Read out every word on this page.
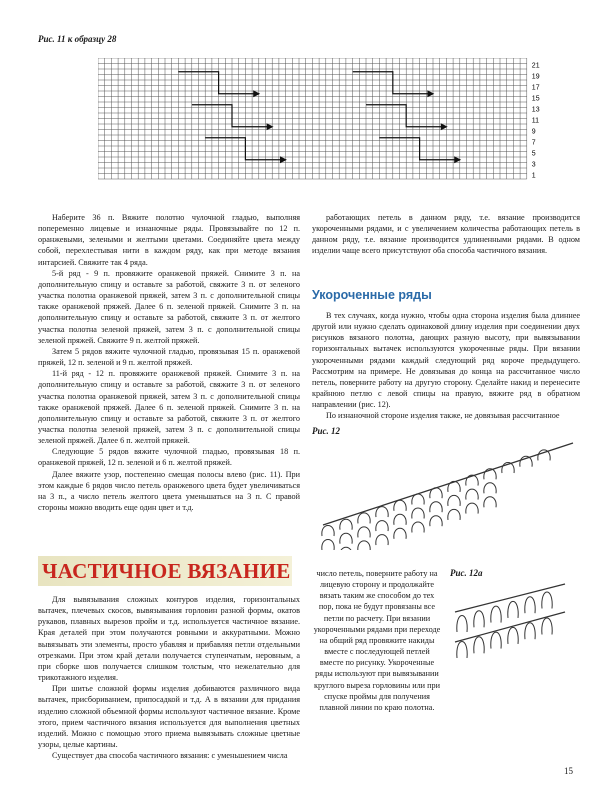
Рис. 11 к образцу 28
21
19
17
15
13
11
9
7
5
3
1

Наберите 36 п. Вяжите полотно чулочной гладью, выполняя попеременно лицевые и изнаночные ряды. Провязывайте по 12 п. оранжевыми, зелеными и желтыми цветами. Соединяйте цвета между собой, перехлестывая нити в каждом ряду, как при методе вязания интарсией. Свяжите так 4 ряда.

5-й ряд - 9 п. провяжите оранжевой пряжей. Снимите 3 п. на дополнительную спицу и оставьте за работой, свяжите 3 п. от зеленого участка полотна оранжевой пряжей, затем 3 п. с дополнительной спицы также оранжевой пряжей. Далее 6 п. зеленой пряжей. Снимите 3 п. на дополнительную спицу и оставьте за работой, свяжите 3 п. от желтого участка полотна зеленой пряжей, затем 3 п. с дополнительной спицы зеленой пряжей. Свяжите 9 п. желтой пряжей.

Затем 5 рядов вяжите чулочной гладью, провязывая 15 п. оранжевой пряжей, 12 п. зеленой и 9 п. желтой пряжей.

11-й ряд - 12 п. провяжите оранжевой пряжей. Снимите 3 п. на дополнительную спицу и оставьте за работой, свяжите 3 п. от зеленого участка полотна оранжевой пряжей, затем 3 п. с дополнительной спицы также оранжевой пряжей. Далее 6 п. зеленой пряжей. Снимите 3 п. на дополнительную спицу и оставьте за работой, свяжите 3 п. от желтого участка полотна зеленой пряжей, затем 3 п. с дополнительной спицы зеленой пряжей. Далее 6 п. желтой пряжей.

Следующие 5 рядов вяжите чулочной гладью, провязывая 18 п. оранжевой пряжей, 12 п. зеленой и 6 п. желтой пряжей.

Далее вяжите узор, постепенно смещая полосы влево (рис. 11). При этом каждые 6 рядов число петель оранжевого цвета будет увеличиваться на 3 п., а число петель желтого цвета уменьшаться на 3 п. С правой стороны можно вводить еще один цвет и т.д.

работающих петель в данном ряду, т.е. вязание производится укороченными рядами, и с увеличением количества работающих петель в данном ряду, т.е. вязание производится удлиненными рядами. В одном изделии чаще всего присутствуют оба способа частичного вязания.

Укороченные ряды

В тех случаях, когда нужно, чтобы одна сторона изделия была длиннее другой или нужно сделать одинаковой длину изделия при соединении двух рисунков вязаного полотна, дающих разную высоту, при вывязывании горизонтальных вытачек используются укороченные ряды. При вязании укороченными рядами каждый следующий ряд короче предыдущего. Рассмотрим на примере. Не довязывая до конца на рассчитанное число петель, поверните работу на другую сторону. Сделайте накид и перенесите крайнюю петлю с левой спицы на правую, вяжите ряд в обратном направлении (рис. 12).

По изнаночной стороне изделия также, не довязывая рассчитанное

Рис. 12
ЧАСТИЧНОЕ ВЯЗАНИЕ

Для вывязывания сложных контуров изделия, горизонтальных вытачек, плечевых скосов, вывязывания горловин разной формы, окатов рукавов, плавных вырезов пройм и т.д. используется частичное вязание. Края деталей при этом получаются ровными и аккуратными. Можно вывязывать эти элементы, просто убавляя и прибавляя петли отдельными отрезками. При этом край детали получается ступенчатым, неровным, а при сборке шов получается слишком толстым, что нежелательно для трикотажного изделия.

При шитье сложной формы изделия добиваются различного вида вытачек, присбориванием, припосадкой и т.д. А в вязании для придания изделию сложной объемной формы используют частичное вязание. Кроме этого, прием частичного вязания используется для выполнения цветных изделий. Можно с помощью этого приема вывязывать сложные цветные узоры, целые картины.

Существует два способа частичного вязания: с уменьшением числа

число петель, поверните работу на лицевую сторону и продолжайте вязать таким же способом до тех пор, пока не будут провязаны все петли по расчету. При вязании укороченными рядами при переходе на общий ряд провяжите накиды вместе с последующей петлей вместе по рисунку. Укороченные ряды используют при вывязывании круглого выреза горловины или при спуске проймы для получения плавной линии по краю полотна.

Рис. 12а
15
